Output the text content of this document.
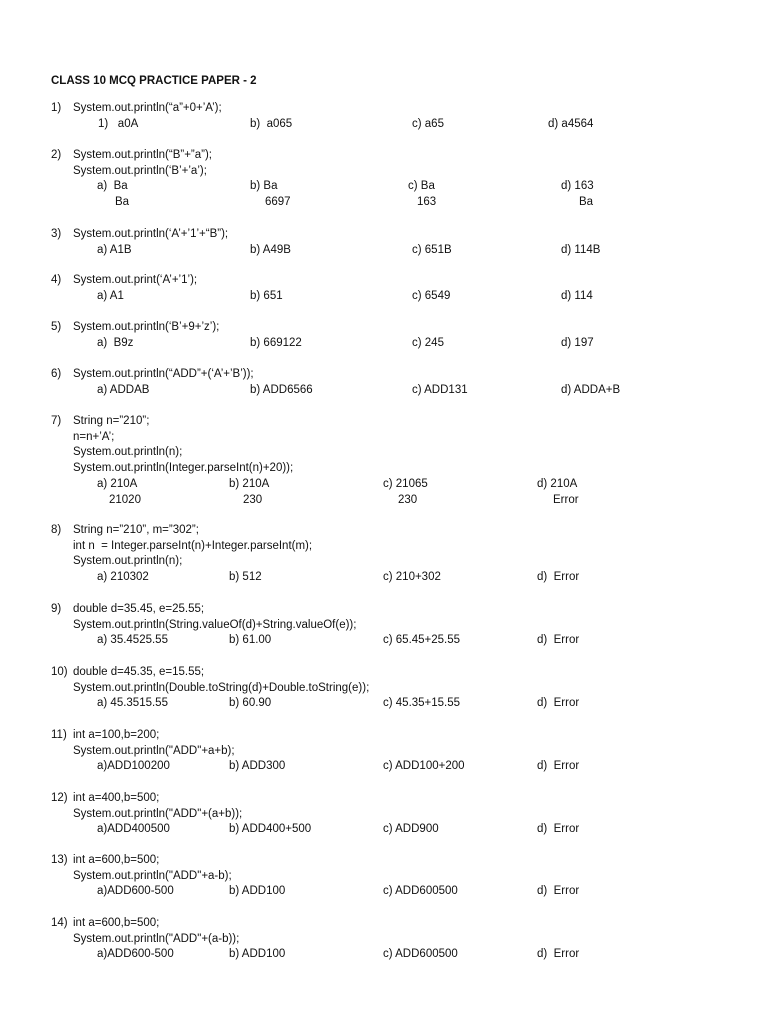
CLASS 10 MCQ PRACTICE PAPER - 2
1) System.out.println(“a”+0+’A’);
1)   a0A	b)  a065	c) a65	d) a4564
2) System.out.println(“B”+”a”);
System.out.println(‘B’+’a’);
a)  Ba	b) Ba	c) Ba	d) 163
Ba	6697	163	Ba
3) System.out.println(‘A’+’1’+“B”);
a) A1B	b) A49B	c) 651B	d) 114B
4) System.out.print(‘A’+’1’);
a) A1	b) 651	c) 6549	d) 114
5) System.out.println(‘B’+9+’z’);
a)  B9z	b) 669122	c) 245	d) 197
6) System.out.println(“ADD”+(‘A’+’B’));
a) ADDAB	b) ADD6566	c) ADD131	d) ADDA+B
7) String n=”210”;
n=n+’A’;
System.out.println(n);
System.out.println(Integer.parseInt(n)+20));
a) 210A	b) 210A	c) 21065	d) 210A
21020	230	230	Error
8) String n=”210”, m=”302”;
int n  = Integer.parseInt(n)+Integer.parseInt(m);
System.out.println(n);
a) 210302	b) 512	c) 210+302	d)  Error
9) double d=35.45, e=25.55;
System.out.println(String.valueOf(d)+String.valueOf(e));
a) 35.4525.55	b) 61.00	c) 65.45+25.55	d)  Error
10) double d=45.35, e=15.55;
System.out.println(Double.toString(d)+Double.toString(e));
a) 45.3515.55	b) 60.90	c) 45.35+15.55	d)  Error
11) int a=100,b=200;
System.out.println("ADD"+a+b);
a)ADD100200	b) ADD300	c) ADD100+200	d)  Error
12) int a=400,b=500;
System.out.println("ADD"+(a+b));
a)ADD400500	b) ADD400+500	c) ADD900	d)  Error
13) int a=600,b=500;
System.out.println("ADD"+a-b);
a)ADD600-500	b) ADD100	c) ADD600500	d)  Error
14) int a=600,b=500;
System.out.println("ADD"+(a-b));
a)ADD600-500	b) ADD100	c) ADD600500	d)  Error
